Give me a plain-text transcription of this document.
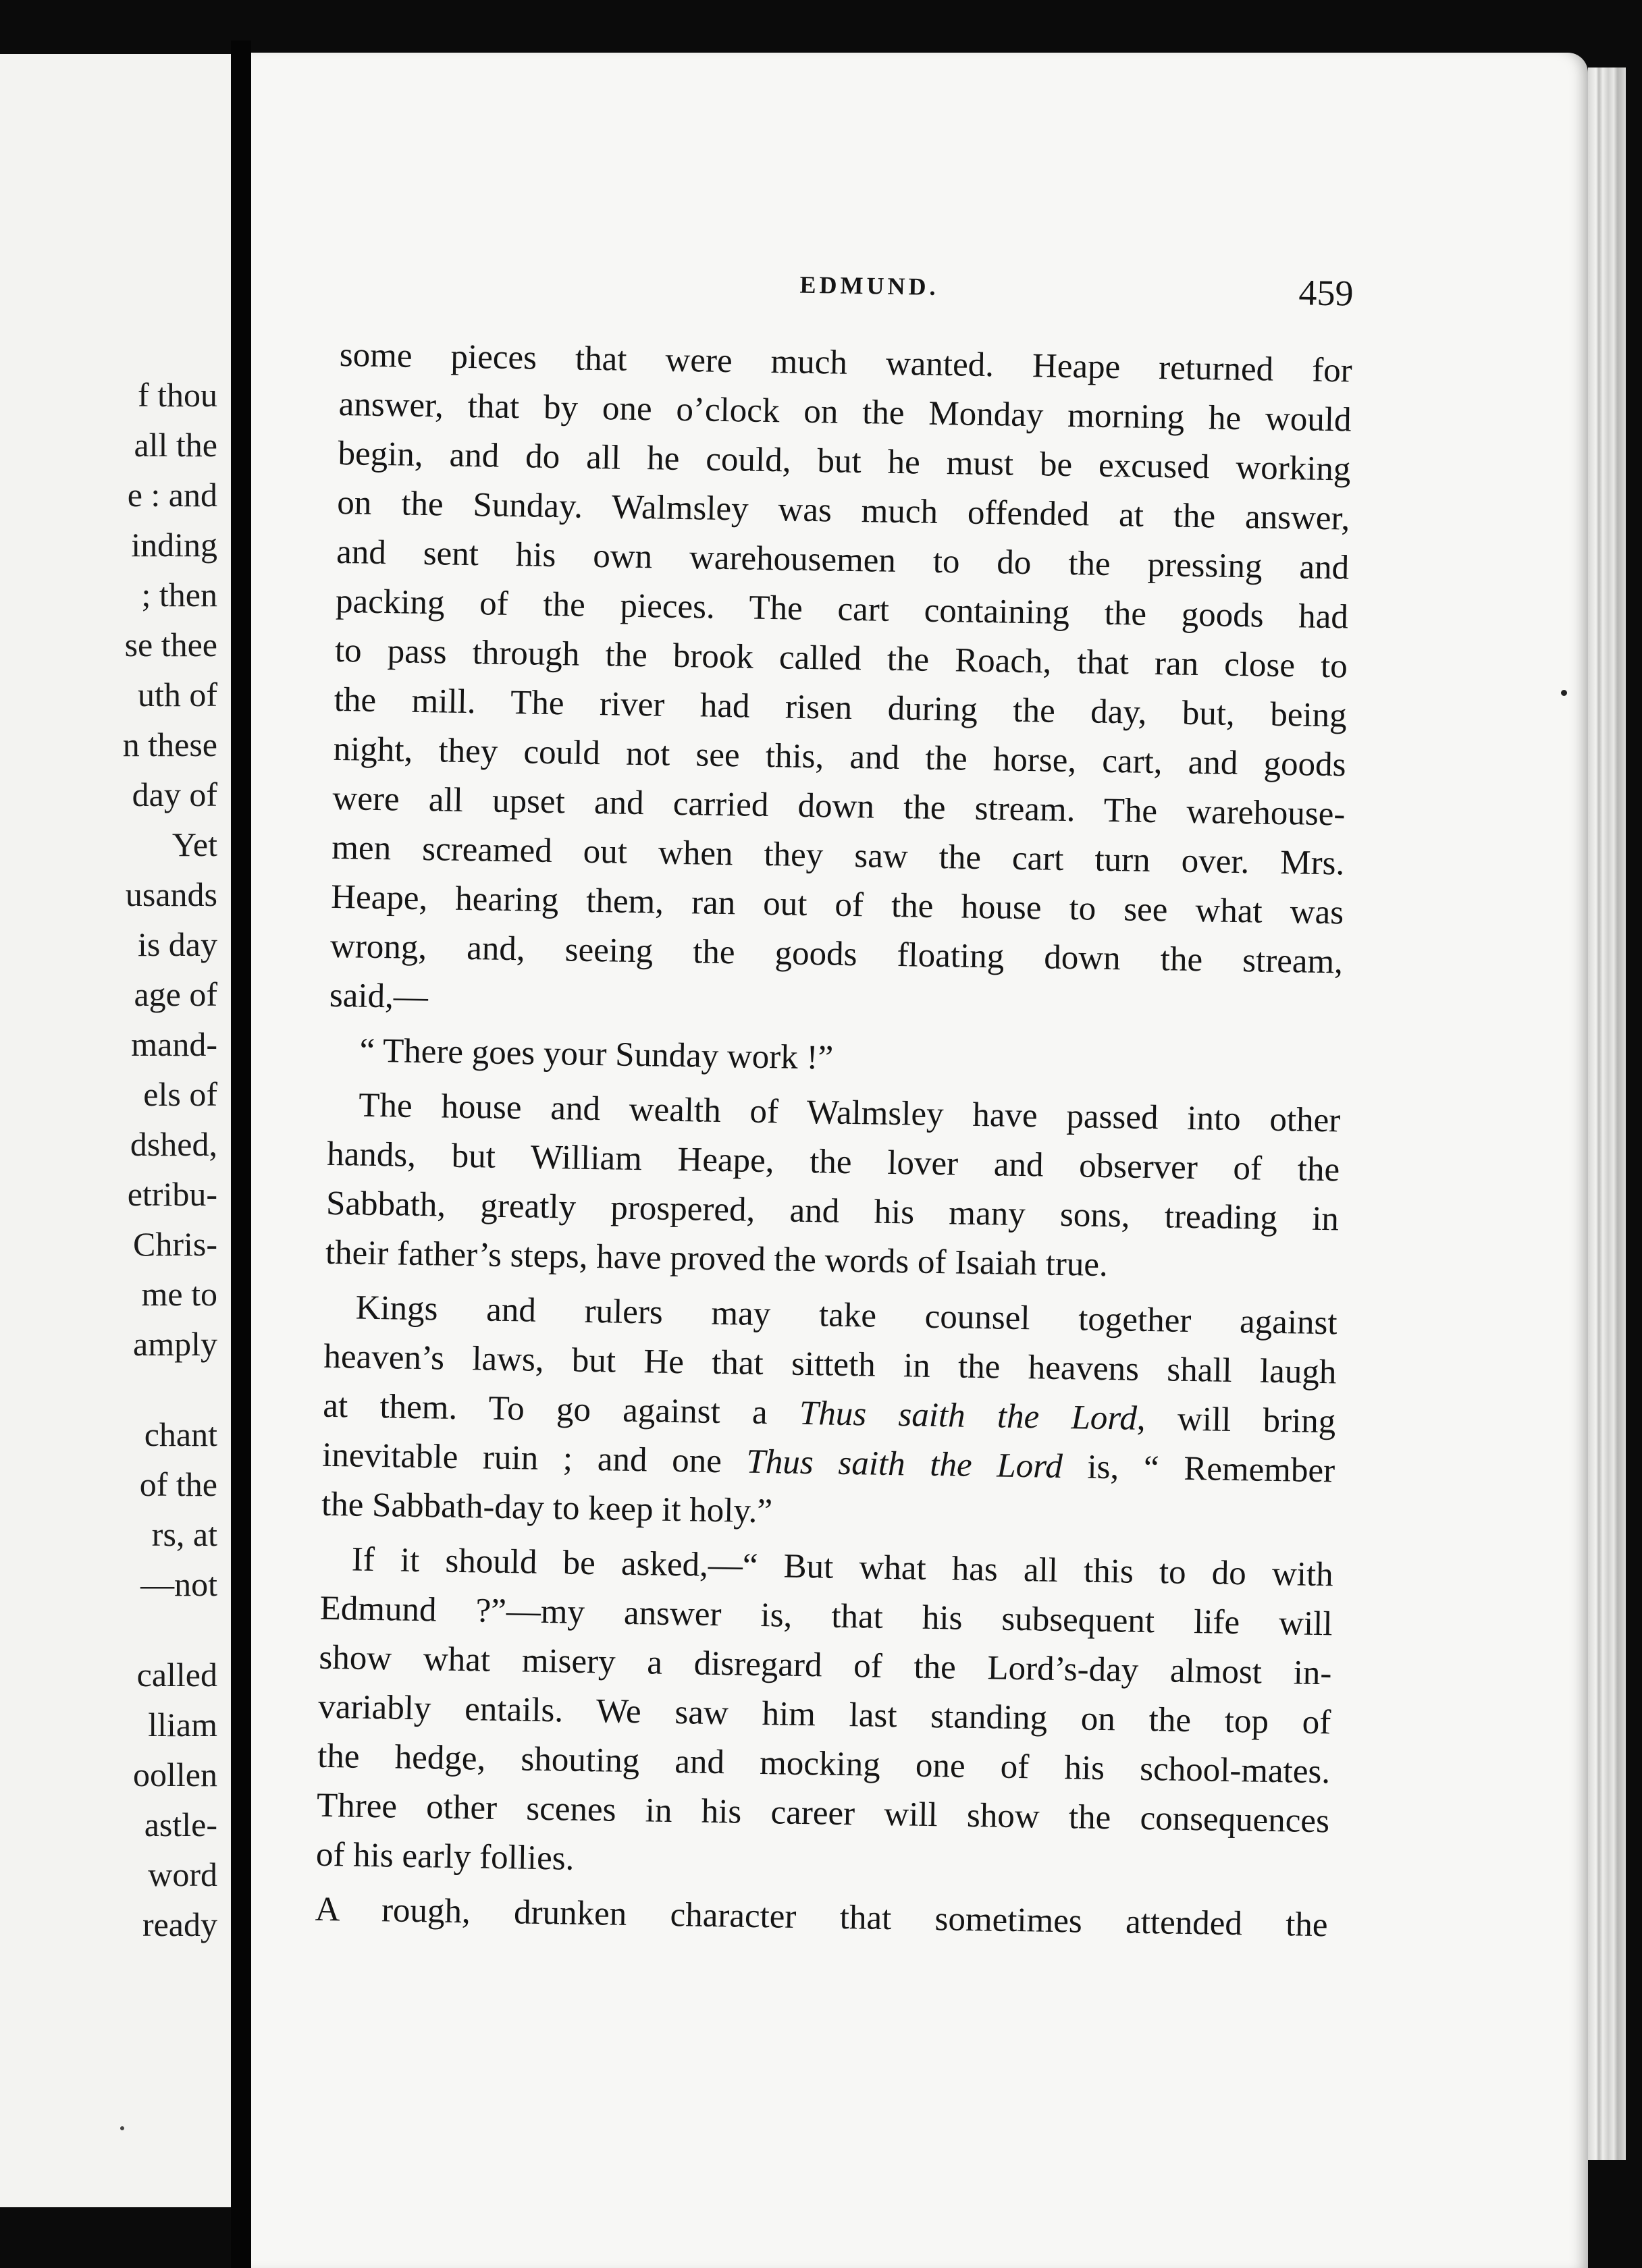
f thou
all the
e : and
inding
; then
se thee
uth of
n these
day of
Yet
usands
is day
age of
mand-
els of
dshed,
etribu-
Chris-
me to
amply
chant
of the
rs, at
—not
called
lliam
oollen
astle-
word
ready
EDMUND.	459
some pieces that were much wanted. Heape returned for
answer, that by one o’clock on the Monday morning he would
begin, and do all he could, but he must be excused working
on the Sunday. Walmsley was much offended at the answer,
and sent his own warehousemen to do the pressing and
packing of the pieces. The cart containing the goods had
to pass through the brook called the Roach, that ran close to
the mill. The river had risen during the day, but, being
night, they could not see this, and the horse, cart, and goods
were all upset and carried down the stream. The warehouse-
men screamed out when they saw the cart turn over. Mrs.
Heape, hearing them, ran out of the house to see what was
wrong, and, seeing the goods floating down the stream,
said,—
“ There goes your Sunday work !”
The house and wealth of Walmsley have passed into other
hands, but William Heape, the lover and observer of the
Sabbath, greatly prospered, and his many sons, treading in
their father’s steps, have proved the words of Isaiah true.
Kings and rulers may take counsel together against
heaven’s laws, but He that sitteth in the heavens shall laugh
at them. To go against a Thus saith the Lord, will bring
inevitable ruin ; and one Thus saith the Lord is, “ Remember
the Sabbath-day to keep it holy.”
If it should be asked,—“ But what has all this to do with
Edmund ?”—my answer is, that his subsequent life will
show what misery a disregard of the Lord’s-day almost in-
variably entails. We saw him last standing on the top of
the hedge, shouting and mocking one of his school-mates.
Three other scenes in his career will show the consequences
of his early follies.
A rough, drunken character that sometimes attended the
